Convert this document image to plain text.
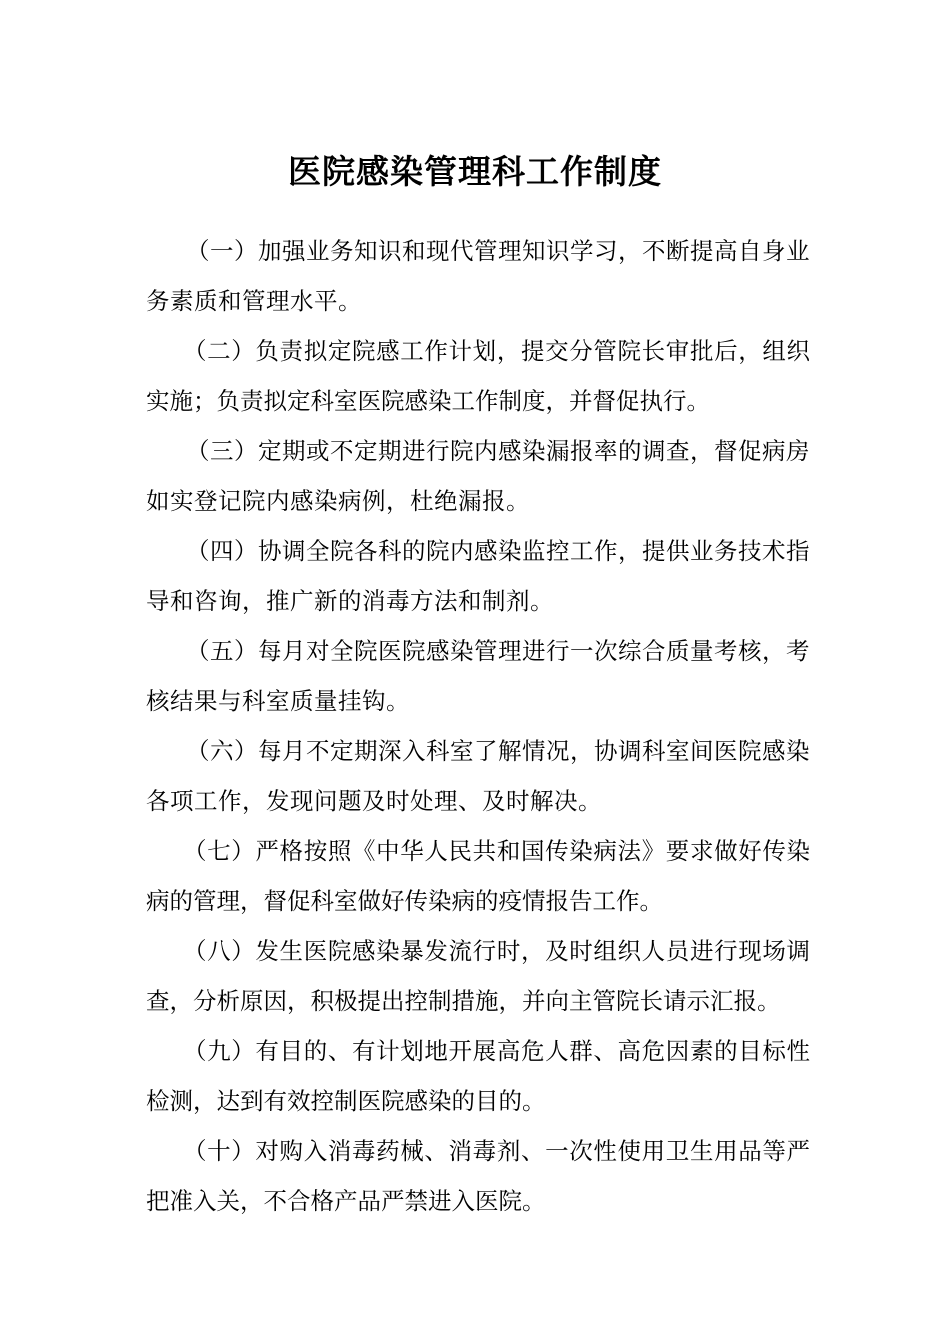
医院感染管理科工作制度

（一）加强业务知识和现代管理知识学习，不断提高自身业务素质和管理水平。

（二）负责拟定院感工作计划，提交分管院长审批后，组织实施；负责拟定科室医院感染工作制度，并督促执行。

（三）定期或不定期进行院内感染漏报率的调查，督促病房如实登记院内感染病例，杜绝漏报。

（四）协调全院各科的院内感染监控工作，提供业务技术指导和咨询，推广新的消毒方法和制剂。

（五）每月对全院医院感染管理进行一次综合质量考核，考核结果与科室质量挂钩。

（六）每月不定期深入科室了解情况，协调科室间医院感染各项工作，发现问题及时处理、及时解决。

（七）严格按照《中华人民共和国传染病法》要求做好传染病的管理，督促科室做好传染病的疫情报告工作。

（八）发生医院感染暴发流行时，及时组织人员进行现场调查，分析原因，积极提出控制措施，并向主管院长请示汇报。

（九）有目的、有计划地开展高危人群、高危因素的目标性检测，达到有效控制医院感染的目的。

（十）对购入消毒药械、消毒剂、一次性使用卫生用品等严把准入关，不合格产品严禁进入医院。
